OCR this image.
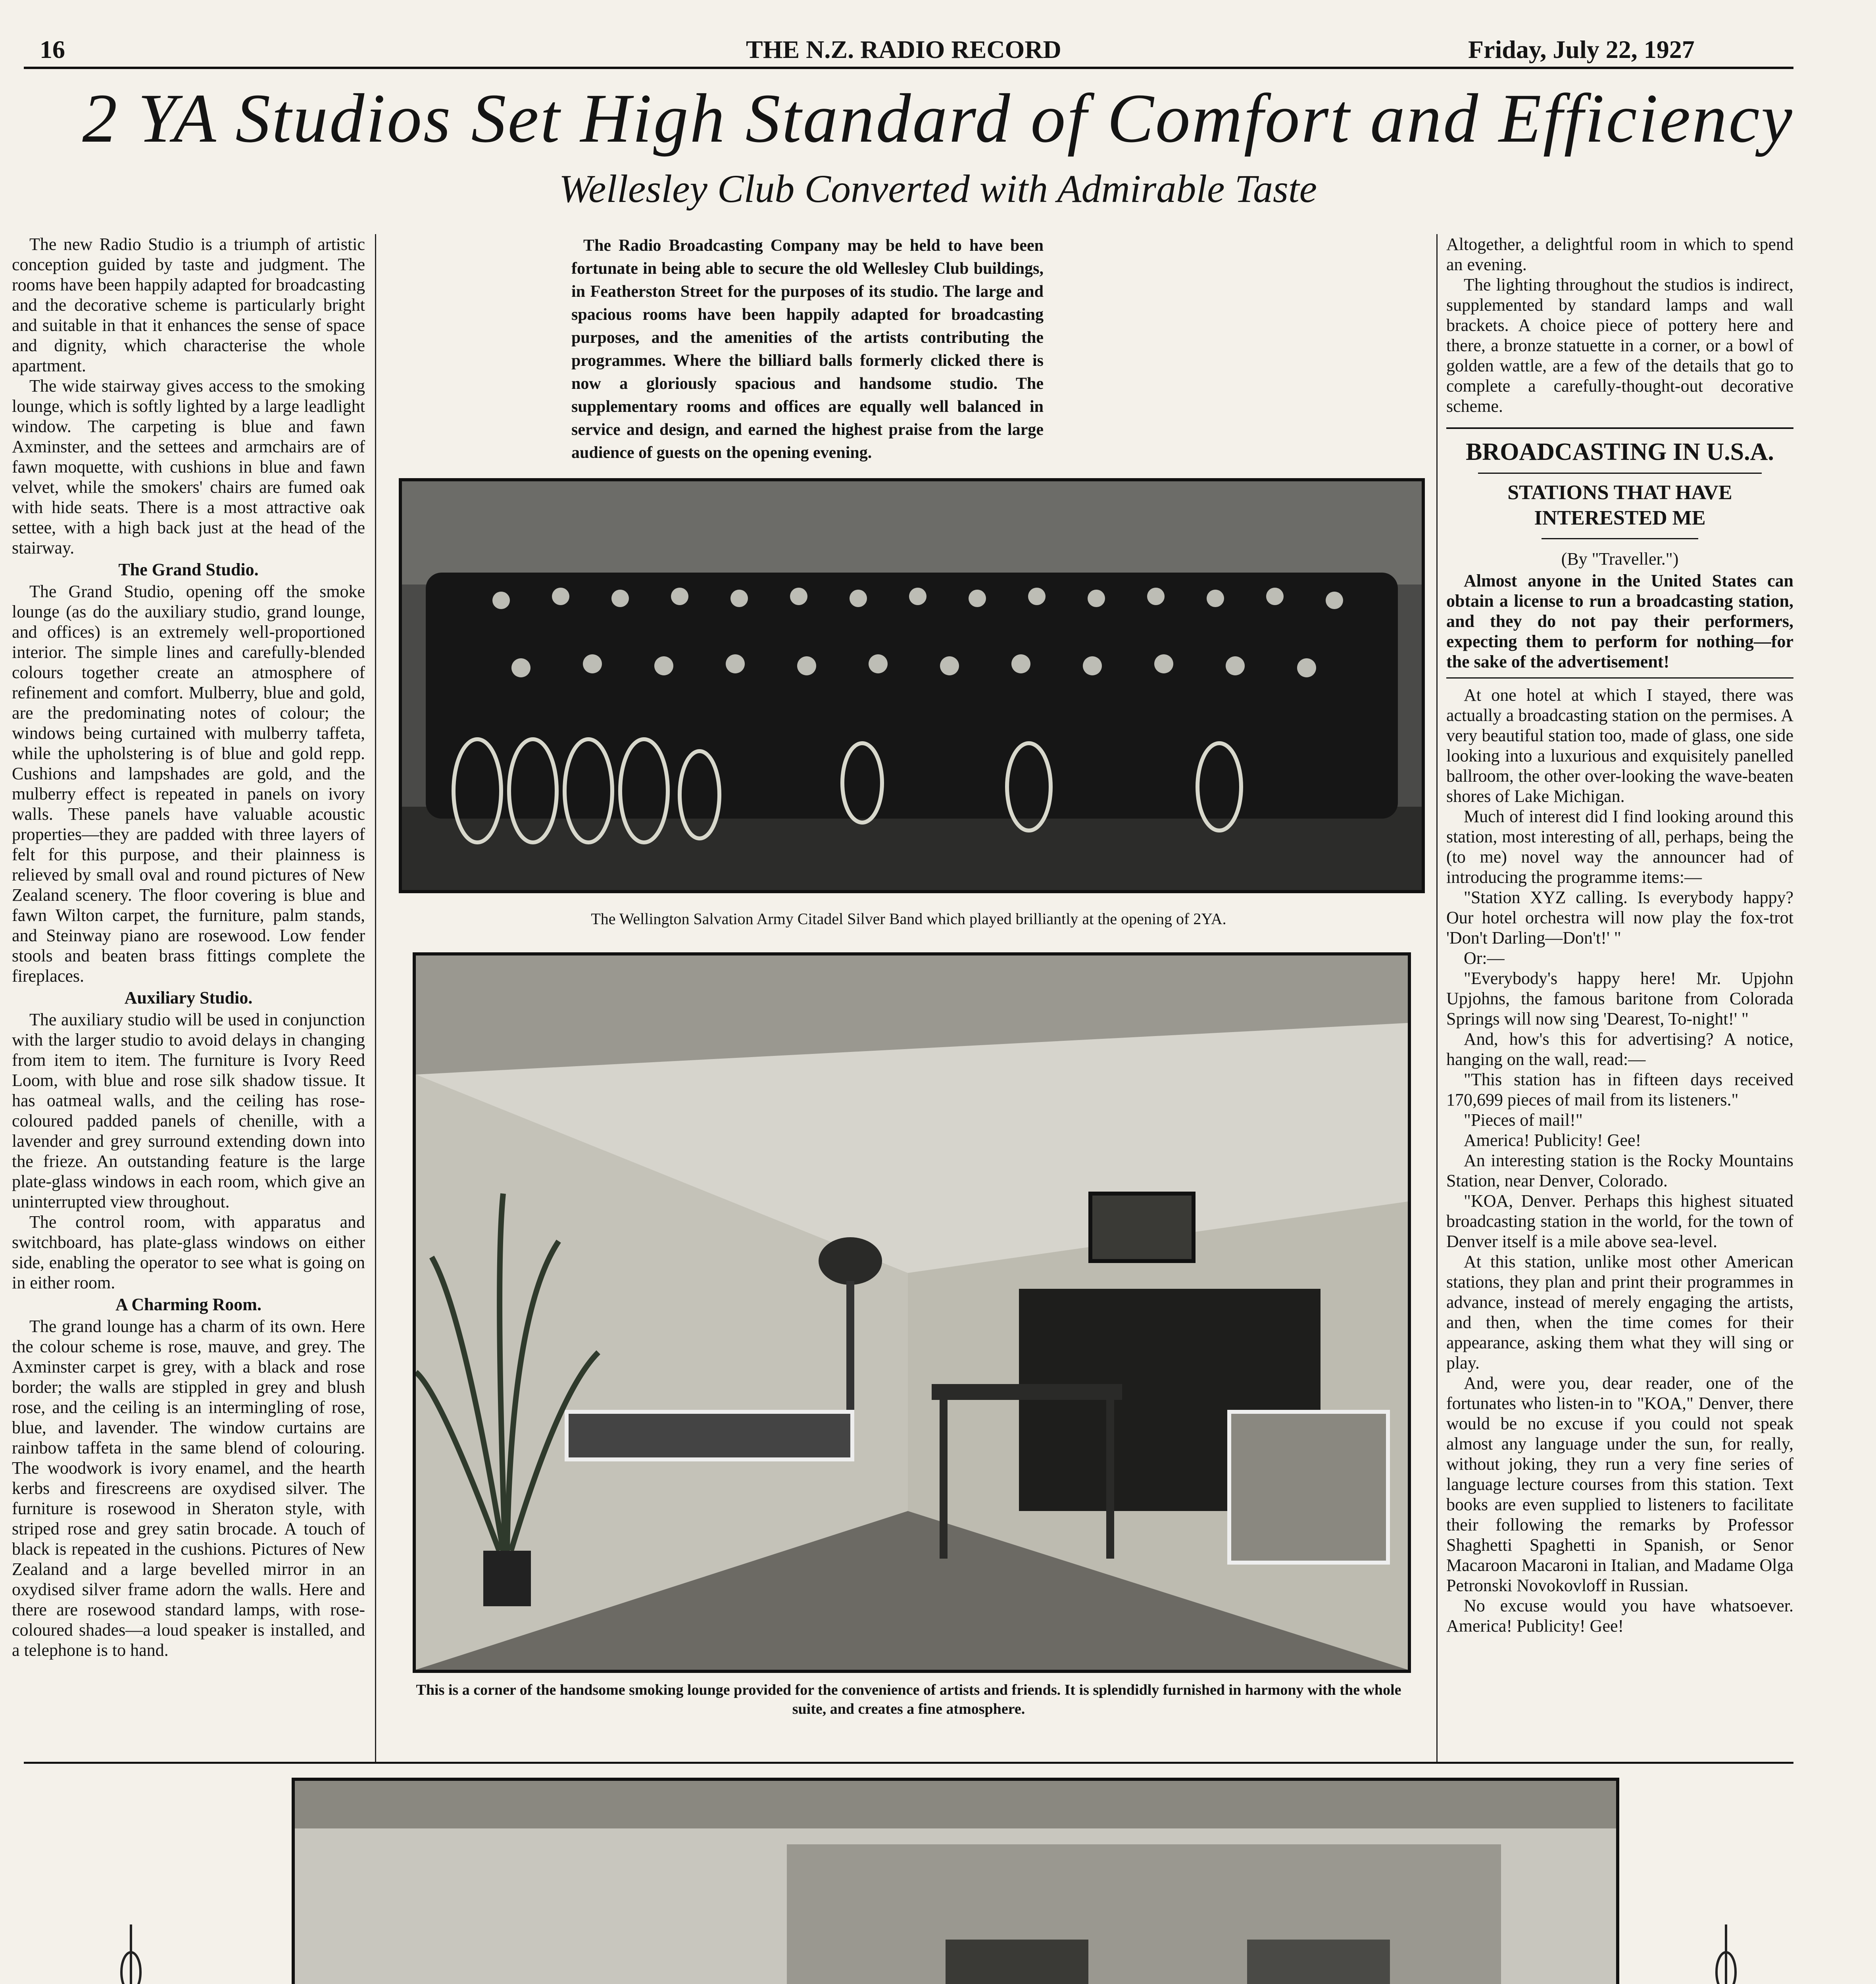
16	THE N.Z. RADIO RECORD	Friday, July 22, 1927
2 YA Studios Set High Standard of Comfort and Efficiency
Wellesley Club Converted with Admirable Taste

The new Radio Studio is a triumph of artistic conception guided by taste and judgment. The rooms have been happily adapted for broadcasting and the decorative scheme is particularly bright and suitable in that it enhances the sense of space and dignity, which characterise the whole apartment.

The wide stairway gives access to the smoking lounge, which is softly lighted by a large leadlight window. The carpeting is blue and fawn Axminster, and the settees and armchairs are of fawn moquette, with cushions in blue and fawn velvet, while the smokers' chairs are fumed oak with hide seats. There is a most attractive oak settee, with a high back just at the head of the stairway.

The Grand Studio.

The Grand Studio, opening off the smoke lounge (as do the auxiliary studio, grand lounge, and offices) is an extremely well-proportioned interior. The simple lines and carefully-blended colours together create an atmosphere of refinement and comfort. Mulberry, blue and gold, are the predominating notes of colour; the windows being curtained with mulberry taffeta, while the upholstering is of blue and gold repp. Cushions and lampshades are gold, and the mulberry effect is repeated in panels on ivory walls. These panels have valuable acoustic properties—they are padded with three layers of felt for this purpose, and their plainness is relieved by small oval and round pictures of New Zealand scenery. The floor covering is blue and fawn Wilton carpet, the furniture, palm stands, and Steinway piano are rosewood. Low fender stools and beaten brass fittings complete the fireplaces.

Auxiliary Studio.

The auxiliary studio will be used in conjunction with the larger studio to avoid delays in changing from item to item. The furniture is Ivory Reed Loom, with blue and rose silk shadow tissue. It has oatmeal walls, and the ceiling has rose-coloured padded panels of chenille, with a lavender and grey surround extending down into the frieze. An outstanding feature is the large plate-glass windows in each room, which give an uninterrupted view throughout.

The control room, with apparatus and switchboard, has plate-glass windows on either side, enabling the operator to see what is going on in either room.

A Charming Room.

The grand lounge has a charm of its own. Here the colour scheme is rose, mauve, and grey. The Axminster carpet is grey, with a black and rose border; the walls are stippled in grey and blush rose, and the ceiling is an intermingling of rose, blue, and lavender. The window curtains are rainbow taffeta in the same blend of colouring. The woodwork is ivory enamel, and the hearth kerbs and firescreens are oxydised silver. The furniture is rosewood in Sheraton style, with striped rose and grey satin brocade. A touch of black is repeated in the cushions. Pictures of New Zealand and a large bevelled mirror in an oxydised silver frame adorn the walls. Here and there are rosewood standard lamps, with rose-coloured shades—a loud speaker is installed, and a telephone is to hand.

The Radio Broadcasting Company may be held to have been fortunate in being able to secure the old Wellesley Club buildings, in Featherston Street for the purposes of its studio. The large and spacious rooms have been happily adapted for broadcasting purposes, and the amenities of the artists contributing the programmes. Where the billiard balls formerly clicked there is now a gloriously spacious and handsome studio. The supplementary rooms and offices are equally well balanced in service and design, and earned the highest praise from the large audience of guests on the opening evening.

The Wellington Salvation Army Citadel Silver Band which played brilliantly at the opening of 2YA.
This is a corner of the handsome smoking lounge provided for the convenience of artists and friends. It is splendidly furnished in harmony with the whole suite, and creates a fine atmosphere.

Altogether, a delightful room in which to spend an evening.

The lighting throughout the studios is indirect, supplemented by standard lamps and wall brackets. A choice piece of pottery here and there, a bronze statuette in a corner, or a bowl of golden wattle, are a few of the details that go to complete a carefully-thought-out decorative scheme.

BROADCASTING IN U.S.A.
STATIONS THAT HAVE INTERESTED ME

(By "Traveller.")

Almost anyone in the United States can obtain a license to run a broadcasting station, and they do not pay their performers, expecting them to perform for nothing—for the sake of the advertisement!

At one hotel at which I stayed, there was actually a broadcasting station on the permises. A very beautiful station too, made of glass, one side looking into a luxurious and exquisitely panelled ballroom, the other over-looking the wave-beaten shores of Lake Michigan.

Much of interest did I find looking around this station, most interesting of all, perhaps, being the (to me) novel way the announcer had of introducing the programme items:—

"Station XYZ calling. Is everybody happy? Our hotel orchestra will now play the fox-trot 'Don't Darling—Don't!' "

Or:—

"Everybody's happy here! Mr. Upjohn Upjohns, the famous baritone from Colorada Springs will now sing 'Dearest, To-night!' "

And, how's this for advertising? A notice, hanging on the wall, read:—

"This station has in fifteen days received 170,699 pieces of mail from its listeners."

"Pieces of mail!"

America! Publicity! Gee!

An interesting station is the Rocky Mountains Station, near Denver, Colorado.

"KOA, Denver. Perhaps this highest situated broadcasting station in the world, for the town of Denver itself is a mile above sea-level.

At this station, unlike most other American stations, they plan and print their programmes in advance, instead of merely engaging the artists, and then, when the time comes for their appearance, asking them what they will sing or play.

And, were you, dear reader, one of the fortunates who listen-in to "KOA," Denver, there would be no excuse if you could not speak almost any language under the sun, for really, without joking, they run a very fine series of language lecture courses from this station. Text books are even supplied to listeners to facilitate their following the remarks by Professor Shaghetti Spaghetti in Spanish, or Senor Macaroon Macaroni in Italian, and Madame Olga Petronski Novokovloff in Russian.

No excuse would you have whatsoever. America! Publicity! Gee!
